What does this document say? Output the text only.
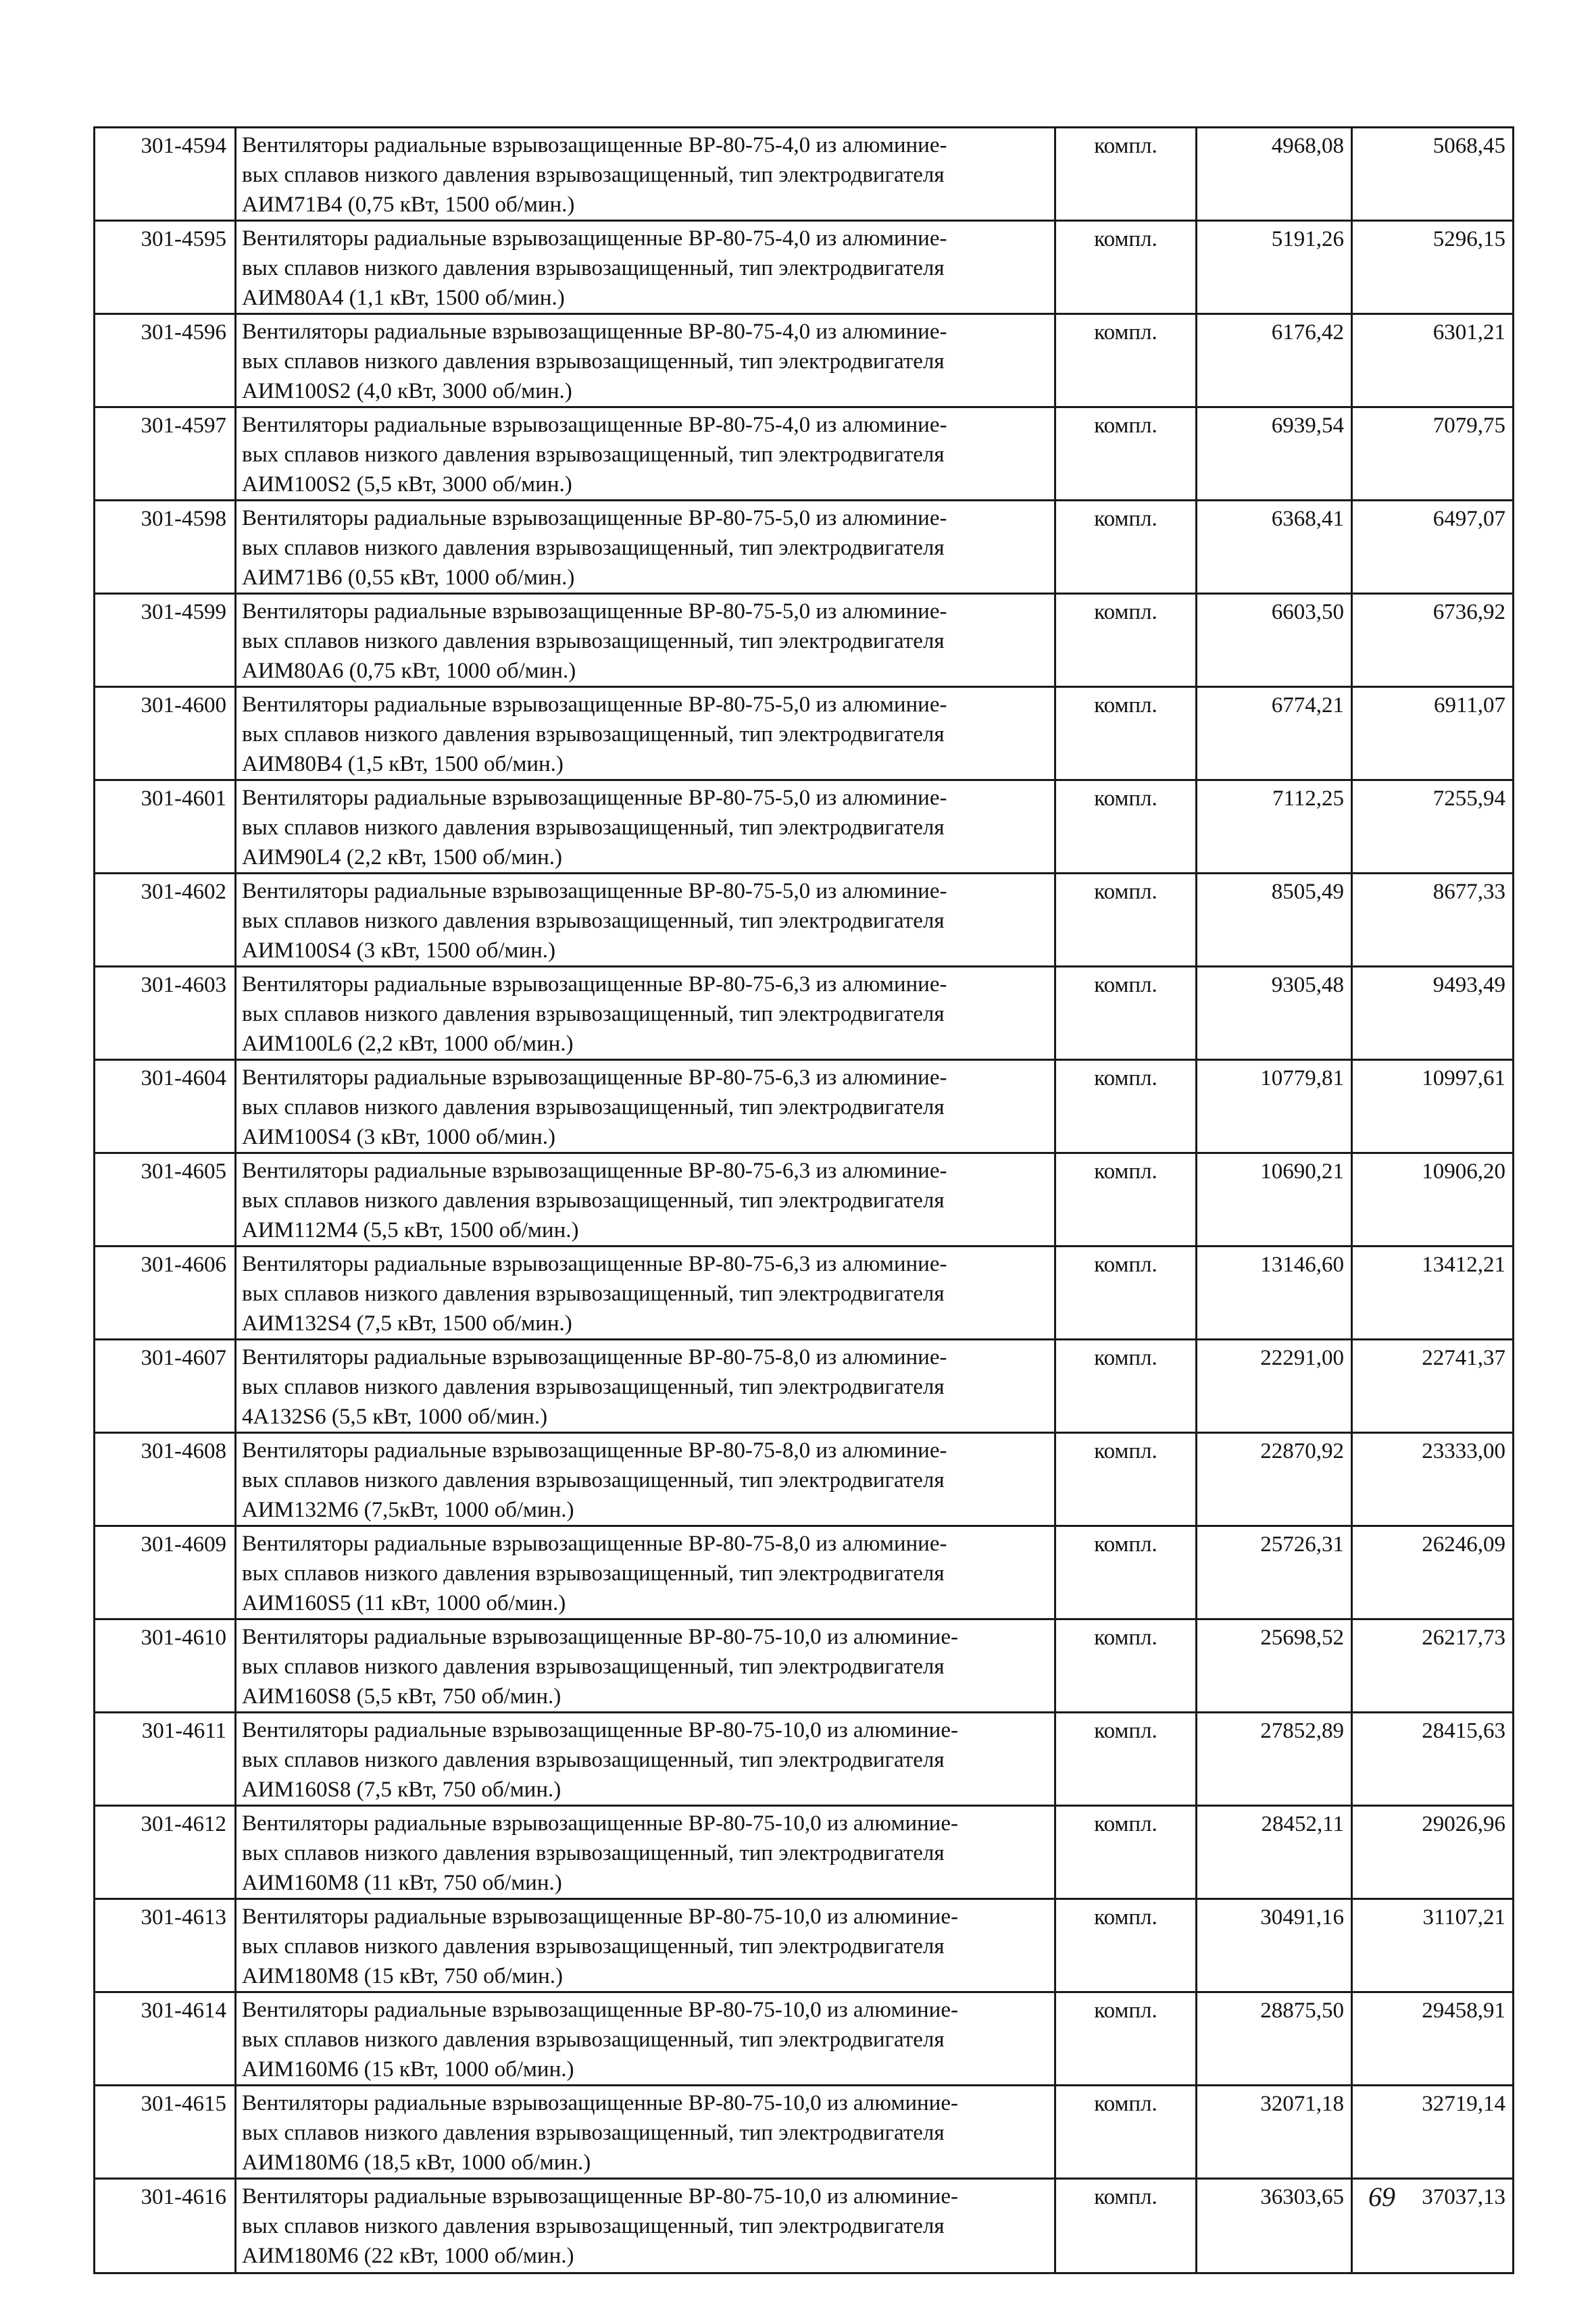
301-4594	Вентиляторы радиальные взрывозащищенные ВР-80-75-4,0 из алюминие-
вых сплавов низкого давления взрывозащищенный, тип электродвигателя
АИМ71В4 (0,75 кВт, 1500 об/мин.)	компл.	4968,08	5068,45
301-4595	Вентиляторы радиальные взрывозащищенные ВР-80-75-4,0 из алюминие-
вых сплавов низкого давления взрывозащищенный, тип электродвигателя
АИМ80А4 (1,1 кВт, 1500 об/мин.)	компл.	5191,26	5296,15
301-4596	Вентиляторы радиальные взрывозащищенные ВР-80-75-4,0 из алюминие-
вых сплавов низкого давления взрывозащищенный, тип электродвигателя
АИМ100S2 (4,0 кВт, 3000 об/мин.)	компл.	6176,42	6301,21
301-4597	Вентиляторы радиальные взрывозащищенные ВР-80-75-4,0 из алюминие-
вых сплавов низкого давления взрывозащищенный, тип электродвигателя
АИМ100S2 (5,5 кВт, 3000 об/мин.)	компл.	6939,54	7079,75
301-4598	Вентиляторы радиальные взрывозащищенные ВР-80-75-5,0 из алюминие-
вых сплавов низкого давления взрывозащищенный, тип электродвигателя
АИМ71В6 (0,55 кВт, 1000 об/мин.)	компл.	6368,41	6497,07
301-4599	Вентиляторы радиальные взрывозащищенные ВР-80-75-5,0 из алюминие-
вых сплавов низкого давления взрывозащищенный, тип электродвигателя
АИМ80А6 (0,75 кВт, 1000 об/мин.)	компл.	6603,50	6736,92
301-4600	Вентиляторы радиальные взрывозащищенные ВР-80-75-5,0 из алюминие-
вых сплавов низкого давления взрывозащищенный, тип электродвигателя
АИМ80В4 (1,5 кВт, 1500 об/мин.)	компл.	6774,21	6911,07
301-4601	Вентиляторы радиальные взрывозащищенные ВР-80-75-5,0 из алюминие-
вых сплавов низкого давления взрывозащищенный, тип электродвигателя
АИМ90L4 (2,2 кВт, 1500 об/мин.)	компл.	7112,25	7255,94
301-4602	Вентиляторы радиальные взрывозащищенные ВР-80-75-5,0 из алюминие-
вых сплавов низкого давления взрывозащищенный, тип электродвигателя
АИМ100S4 (3 кВт, 1500 об/мин.)	компл.	8505,49	8677,33
301-4603	Вентиляторы радиальные взрывозащищенные ВР-80-75-6,3 из алюминие-
вых сплавов низкого давления взрывозащищенный, тип электродвигателя
АИМ100L6 (2,2 кВт, 1000 об/мин.)	компл.	9305,48	9493,49
301-4604	Вентиляторы радиальные взрывозащищенные ВР-80-75-6,3 из алюминие-
вых сплавов низкого давления взрывозащищенный, тип электродвигателя
АИМ100S4 (3 кВт, 1000 об/мин.)	компл.	10779,81	10997,61
301-4605	Вентиляторы радиальные взрывозащищенные ВР-80-75-6,3 из алюминие-
вых сплавов низкого давления взрывозащищенный, тип электродвигателя
АИМ112М4 (5,5 кВт, 1500 об/мин.)	компл.	10690,21	10906,20
301-4606	Вентиляторы радиальные взрывозащищенные ВР-80-75-6,3 из алюминие-
вых сплавов низкого давления взрывозащищенный, тип электродвигателя
АИМ132S4 (7,5 кВт, 1500 об/мин.)	компл.	13146,60	13412,21
301-4607	Вентиляторы радиальные взрывозащищенные ВР-80-75-8,0 из алюминие-
вых сплавов низкого давления взрывозащищенный, тип электродвигателя
4А132S6 (5,5 кВт, 1000 об/мин.)	компл.	22291,00	22741,37
301-4608	Вентиляторы радиальные взрывозащищенные ВР-80-75-8,0 из алюминие-
вых сплавов низкого давления взрывозащищенный, тип электродвигателя
АИМ132М6 (7,5кВт, 1000 об/мин.)	компл.	22870,92	23333,00
301-4609	Вентиляторы радиальные взрывозащищенные ВР-80-75-8,0 из алюминие-
вых сплавов низкого давления взрывозащищенный, тип электродвигателя
АИМ160S5 (11 кВт, 1000 об/мин.)	компл.	25726,31	26246,09
301-4610	Вентиляторы радиальные взрывозащищенные ВР-80-75-10,0 из алюминие-
вых сплавов низкого давления взрывозащищенный, тип электродвигателя
АИМ160S8 (5,5 кВт, 750 об/мин.)	компл.	25698,52	26217,73
301-4611	Вентиляторы радиальные взрывозащищенные ВР-80-75-10,0 из алюминие-
вых сплавов низкого давления взрывозащищенный, тип электродвигателя
АИМ160S8 (7,5 кВт, 750 об/мин.)	компл.	27852,89	28415,63
301-4612	Вентиляторы радиальные взрывозащищенные ВР-80-75-10,0 из алюминие-
вых сплавов низкого давления взрывозащищенный, тип электродвигателя
АИМ160М8 (11 кВт, 750 об/мин.)	компл.	28452,11	29026,96
301-4613	Вентиляторы радиальные взрывозащищенные ВР-80-75-10,0 из алюминие-
вых сплавов низкого давления взрывозащищенный, тип электродвигателя
АИМ180М8 (15 кВт, 750 об/мин.)	компл.	30491,16	31107,21
301-4614	Вентиляторы радиальные взрывозащищенные ВР-80-75-10,0 из алюминие-
вых сплавов низкого давления взрывозащищенный, тип электродвигателя
АИМ160М6 (15 кВт, 1000 об/мин.)	компл.	28875,50	29458,91
301-4615	Вентиляторы радиальные взрывозащищенные ВР-80-75-10,0 из алюминие-
вых сплавов низкого давления взрывозащищенный, тип электродвигателя
АИМ180М6 (18,5 кВт, 1000 об/мин.)	компл.	32071,18	32719,14
301-4616	Вентиляторы радиальные взрывозащищенные ВР-80-75-10,0 из алюминие-
вых сплавов низкого давления взрывозащищенный, тип электродвигателя
АИМ180М6 (22 кВт, 1000 об/мин.)	компл.	36303,65	37037,13
69
